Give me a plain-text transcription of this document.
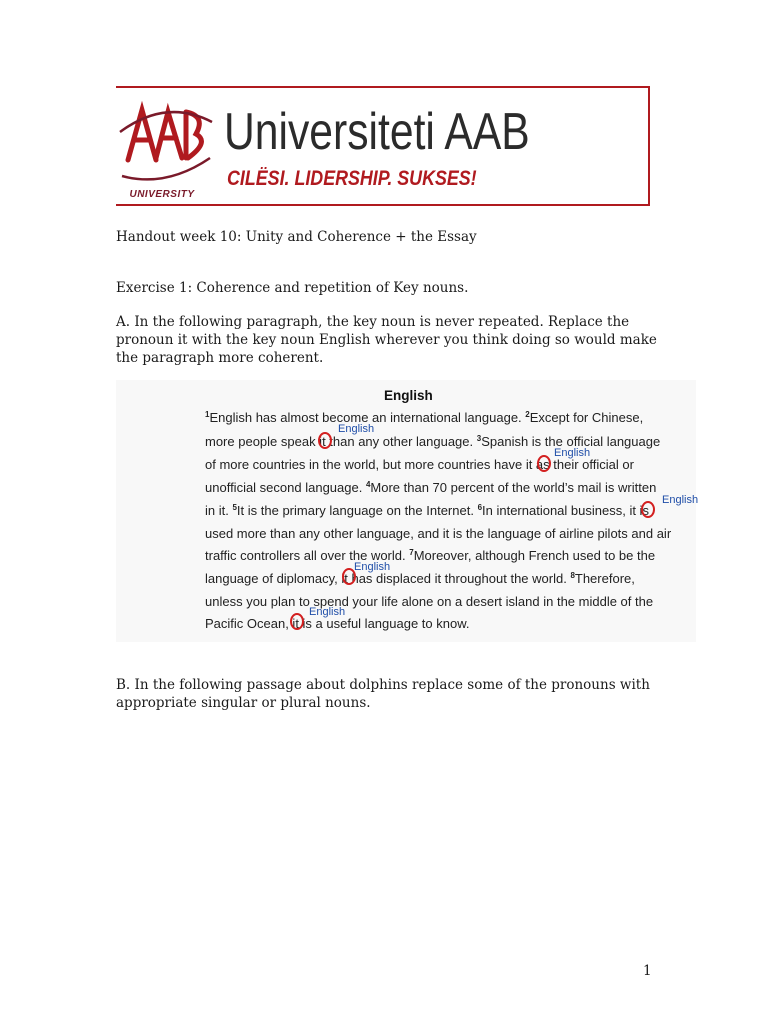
UNIVERSITY
Universiteti AAB
CILËSI. LIDERSHIP. SUKSES!

Handout week 10: Unity and Coherence + the Essay

Exercise 1: Coherence and repetition of Key nouns.

A. In the following paragraph, the key noun is never repeated. Replace the

pronoun it with the key noun English wherever you think doing so would make

the paragraph more coherent.

English

$^1$English has almost become an international language. $^2$Except for Chinese,

more people speak it than any other language. $^3$Spanish is the official language

of more countries in the world, but more countries have it as their official or

unofficial second language. $^4$More than 70 percent of the world’s mail is written

in it. $^5$It is the primary language on the Internet. $^6$In international business, it is

used more than any other language, and it is the language of airline pilots and air

traffic controllers all over the world. $^7$Moreover, although French used to be the

language of diplomacy, it has displaced it throughout the world. $^8$Therefore,

unless you plan to spend your life alone on a desert island in the middle of the

Pacific Ocean, it is a useful language to know.

English
English
English
English
English

B. In the following passage about dolphins replace some of the pronouns with

appropriate singular or plural nouns.

1
